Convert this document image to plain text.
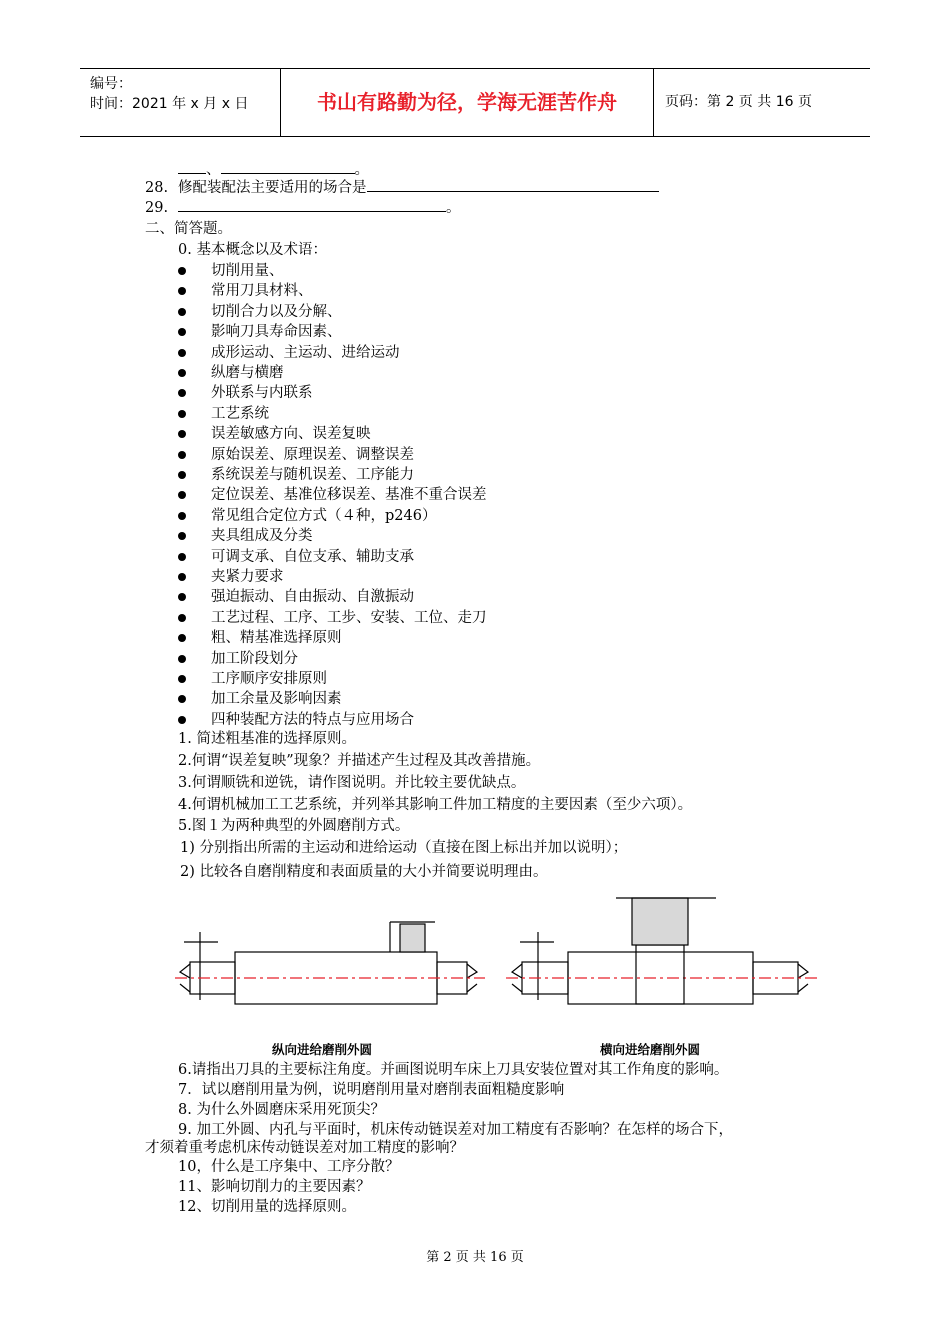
编号：
时间：2021 年 x 月 x 日	书山有路勤为径，学海无涯苦作舟	页码：第 2 页 共 16 页
、	。
28. 修配装配法主要适用的场合是
29.	。
二、简答题。
0. 基本概念以及术语：
切削用量、
常用刀具材料、
切削合力以及分解、
影响刀具寿命因素、
成形运动、主运动、进给运动
纵磨与横磨
外联系与内联系
工艺系统
误差敏感方向、误差复映
原始误差、原理误差、调整误差
系统误差与随机误差、工序能力
定位误差、基准位移误差、基准不重合误差
常见组合定位方式（４种，p246）
夹具组成及分类
可调支承、自位支承、辅助支承
夹紧力要求
强迫振动、自由振动、自激振动
工艺过程、工序、工步、安装、工位、走刀
粗、精基准选择原则
加工阶段划分
工序顺序安排原则
加工余量及影响因素
四种装配方法的特点与应用场合
1. 简述粗基准的选择原则。
2.何谓“误差复映”现象？并描述产生过程及其改善措施。
3.何谓顺铣和逆铣，请作图说明。并比较主要优缺点。
4.何谓机械加工工艺系统，并列举其影响工件加工精度的主要因素（至少六项）。
5.图１为两种典型的外圆磨削方式。
1) 分别指出所需的主运动和进给运动（直接在图上标出并加以说明）；
2) 比较各自磨削精度和表面质量的大小并简要说明理由。
纵向进给磨削外圆	横向进给磨削外圆
6.请指出刀具的主要标注角度。并画图说明车床上刀具安装位置对其工作角度的影响。
7．试以磨削用量为例，说明磨削用量对磨削表面粗糙度影响
8. 为什么外圆磨床采用死顶尖？
9. 加工外圆、内孔与平面时，机床传动链误差对加工精度有否影响？在怎样的场合下，
才须着重考虑机床传动链误差对加工精度的影响？
10，什么是工序集中、工序分散？
11、影响切削力的主要因素？
12、切削用量的选择原则。
第 2 页 共 16 页
